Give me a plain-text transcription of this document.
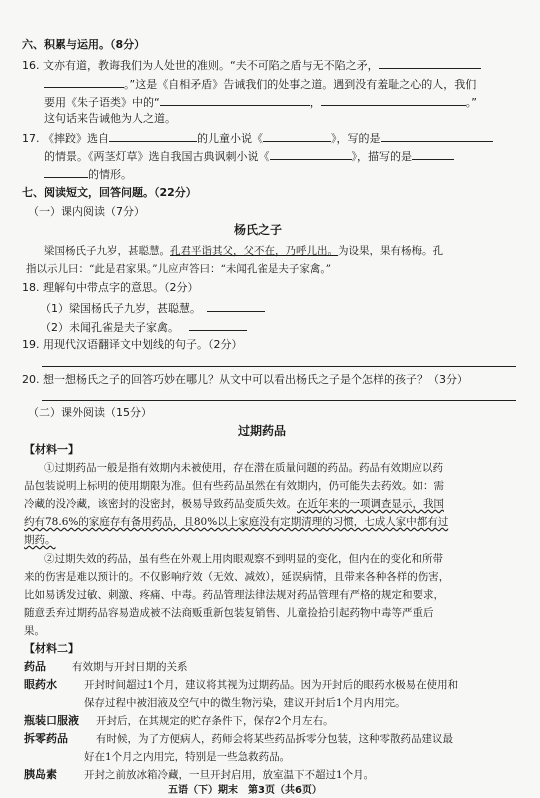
六、积累与运用。（8分）
16. 文亦有道，教诲我们为人处世的准则。“夫不可陷之盾与无不陷之矛，
。”这是《自相矛盾》告诫我们的处事之道。遇到没有羞耻之心的人，我们
要用《朱子语类》中的“	，	。”
这句话来告诫他为人之道。
17. 《摔跤》选自	的儿童小说《	》，写的是
的情景。《两茎灯草》选自我国古典讽刺小说《	》，描写的是
的情形。
七、阅读短文，回答问题。（22分）
（一）课内阅读（7分）
杨氏之子
梁国杨氏子九岁，甚聪慧。孔君平诣其父，父不在，乃呼儿出。为设果，果有杨梅。孔
指以示儿曰：“此是君家果。”儿应声答曰：“未闻孔雀是夫子家禽。”
18. 理解句中带点字的意思。（2分）
（1）梁国杨氏子九岁，甚聪慧。
（2）未闻孔雀是夫子家禽。
19. 用现代汉语翻译文中划线的句子。（2分）
20. 想一想杨氏之子的回答巧妙在哪儿？从文中可以看出杨氏之子是个怎样的孩子？（3分）
（二）课外阅读（15分）
过期药品
【材料一】
①过期药品一般是指有效期内未被使用，存在潜在质量问题的药品。药品有效期应以药
品包装说明上标明的使用期限为准。但有些药品虽然在有效期内，仍可能失去药效。如：需
冷藏的没冷藏，该密封的没密封，极易导致药品变质失效。在近年来的一项调查显示，我国
约有78.6%的家庭存有备用药品，且80%以上家庭没有定期清理的习惯，七成人家中都有过
期药。
②过期失效的药品，虽有些在外观上用肉眼观察不到明显的变化，但内在的变化和所带
来的伤害是难以预计的。不仅影响疗效（无效、减效），延误病情，且带来各种各样的伤害，
比如易诱发过敏、刺激、疼痛、中毒。药品管理法律法规对药品管理有严格的规定和要求，
随意丢弃过期药品容易造成被不法商贩重新包装复销售、儿童捡拾引起药物中毒等严重后
果。
【材料二】
药品 有效期与开封日期的关系
眼药水	开封时间超过1个月，建议将其视为过期药品。因为开封后的眼药水极易在使用和
保存过程中被泪液及空气中的微生物污染，建议开封后1个月内用完。
瓶装口服液 开封后，在其规定的贮存条件下，保存2个月左右。
拆零药品	有时候，为了方便病人，药师会将某些药品拆零分包装，这种零散药品建议最
好在1个月之内用完，特别是一些急救药品。
胰岛素	开封之前放冰箱冷藏，一旦开封启用，放室温下不超过1个月。
五语（下）期末　第3页（共6页）
